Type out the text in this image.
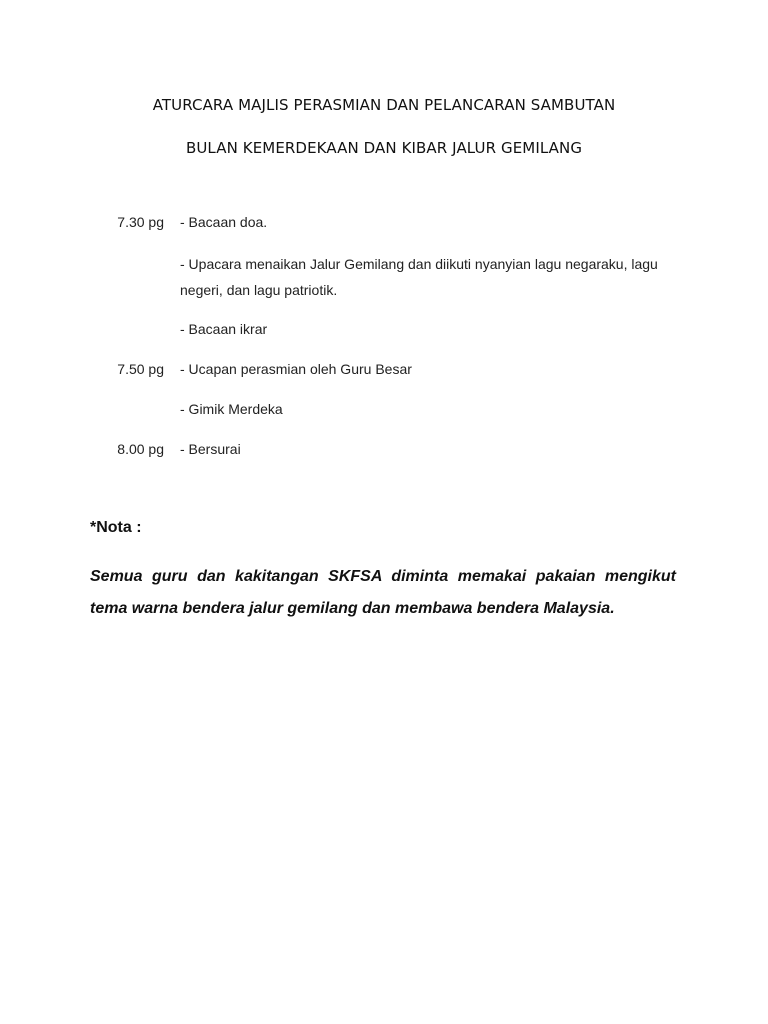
ATURCARA MAJLIS PERASMIAN DAN PELANCARAN SAMBUTAN
BULAN KEMERDEKAAN DAN KIBAR JALUR GEMILANG
7.30 pg - Bacaan doa.
- Upacara menaikan Jalur Gemilang dan diikuti nyanyian lagu negaraku, lagu negeri, dan lagu patriotik.
- Bacaan ikrar
7.50 pg - Ucapan perasmian oleh Guru Besar
- Gimik Merdeka
8.00 pg - Bersurai
*Nota :
Semua guru dan kakitangan SKFSA diminta memakai pakaian mengikut tema warna bendera jalur gemilang dan membawa bendera Malaysia.
